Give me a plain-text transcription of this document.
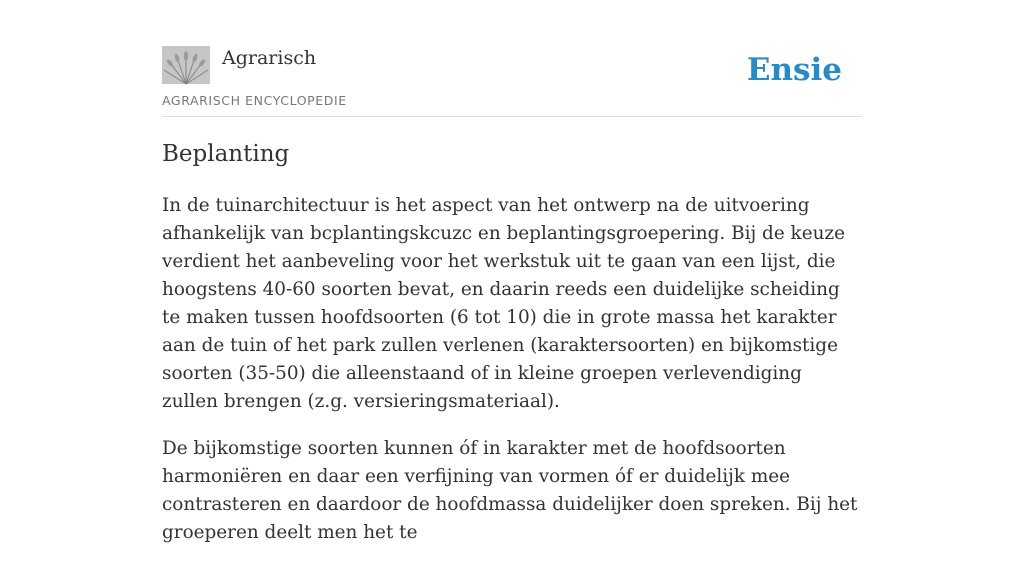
Agrarisch
AGRARISCH ENCYCLOPEDIE
Ensie
Beplanting

In de tuinarchitectuur is het aspect van het ontwerp na de uitvoering afhankelijk van bcplantingskcuzc en beplantingsgroepering. Bij de keuze verdient het aanbeveling voor het werkstuk uit te gaan van een lijst, die hoogstens 40-60 soorten bevat, en daarin reeds een duidelijke scheiding te maken tussen hoofdsoorten (6 tot 10) die in grote massa het karakter aan de tuin of het park zullen verlenen (karaktersoorten) en bijkomstige soorten (35-50) die alleenstaand of in kleine groepen verlevendiging zullen brengen (z.g. versieringsmateriaal).

De bijkomstige soorten kunnen óf in karakter met de hoofdsoorten harmoniëren en daar een verfijning van vormen óf er duidelijk mee contrasteren en daardoor de hoofdmassa duidelijker doen spreken. Bij het groeperen deelt men het te
